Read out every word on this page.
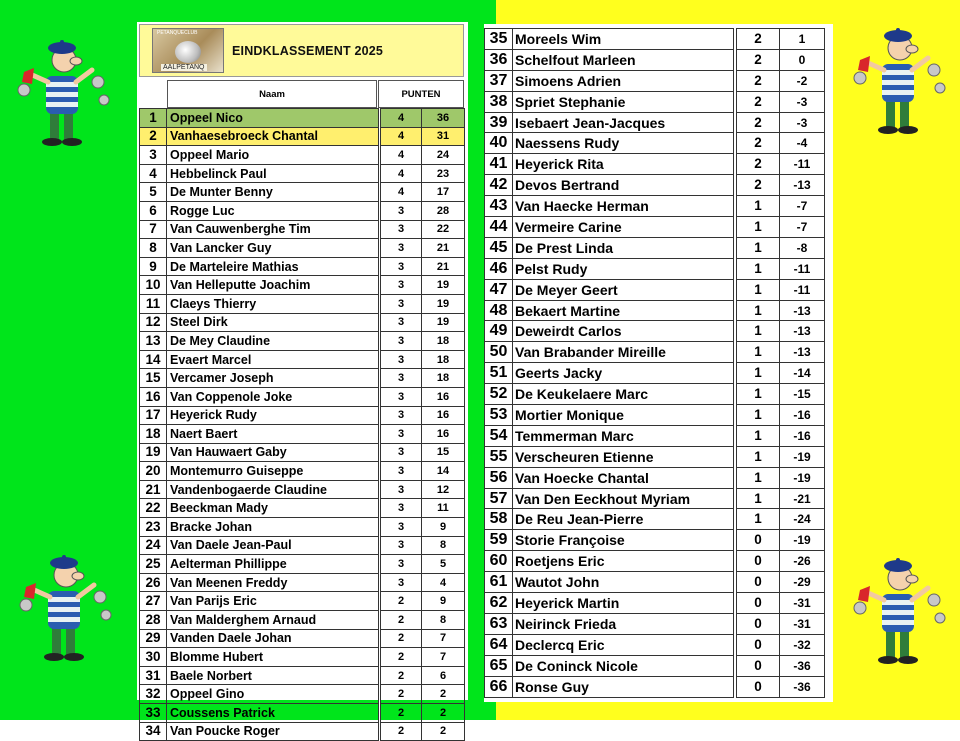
PETANQUECLUB
AALPETANQ
EINDKLASSEMENT 2025
Naam	PUNTEN
1	Oppeel Nico		4	36
2	Vanhaesebroeck Chantal		4	31
3	Oppeel Mario		4	24
4	Hebbelinck Paul		4	23
5	De Munter Benny		4	17
6	Rogge Luc		3	28
7	Van Cauwenberghe Tim		3	22
8	Van Lancker Guy		3	21
9	De Marteleire Mathias		3	21
10	Van Helleputte Joachim		3	19
11	Claeys Thierry		3	19
12	Steel Dirk		3	19
13	De Mey Claudine		3	18
14	Evaert Marcel		3	18
15	Vercamer Joseph		3	18
16	Van Coppenole Joke		3	16
17	Heyerick Rudy		3	16
18	Naert Baert		3	16
19	Van Hauwaert Gaby		3	15
20	Montemurro Guiseppe		3	14
21	Vandenbogaerde Claudine		3	12
22	Beeckman Mady		3	11
23	Bracke Johan		3	9
24	Van Daele Jean-Paul		3	8
25	Aelterman Phillippe		3	5
26	Van Meenen Freddy		3	4
27	Van Parijs Eric		2	9
28	Van Malderghem Arnaud		2	8
29	Vanden Daele Johan		2	7
30	Blomme Hubert		2	7
31	Baele Norbert		2	6
32	Oppeel Gino		2	2
33	Coussens Patrick		2	2
34	Van Poucke Roger		2	2
35	Moreels Wim		2	1
36	Schelfout Marleen		2	0
37	Simoens Adrien		2	-2
38	Spriet Stephanie		2	-3
39	Isebaert Jean-Jacques		2	-3
40	Naessens Rudy		2	-4
41	Heyerick Rita		2	-11
42	Devos Bertrand		2	-13
43	Van Haecke Herman		1	-7
44	Vermeire Carine		1	-7
45	De Prest Linda		1	-8
46	Pelst Rudy		1	-11
47	De Meyer Geert		1	-11
48	Bekaert Martine		1	-13
49	Deweirdt Carlos		1	-13
50	Van Brabander Mireille		1	-13
51	Geerts Jacky		1	-14
52	De Keukelaere Marc		1	-15
53	Mortier Monique		1	-16
54	Temmerman Marc		1	-16
55	Verscheuren Etienne		1	-19
56	Van Hoecke Chantal		1	-19
57	Van Den Eeckhout Myriam		1	-21
58	De Reu Jean-Pierre		1	-24
59	Storie Françoise		0	-19
60	Roetjens Eric		0	-26
61	Wautot John		0	-29
62	Heyerick Martin		0	-31
63	Neirinck Frieda		0	-31
64	Declercq Eric		0	-32
65	De Coninck Nicole		0	-36
66	Ronse Guy		0	-36
